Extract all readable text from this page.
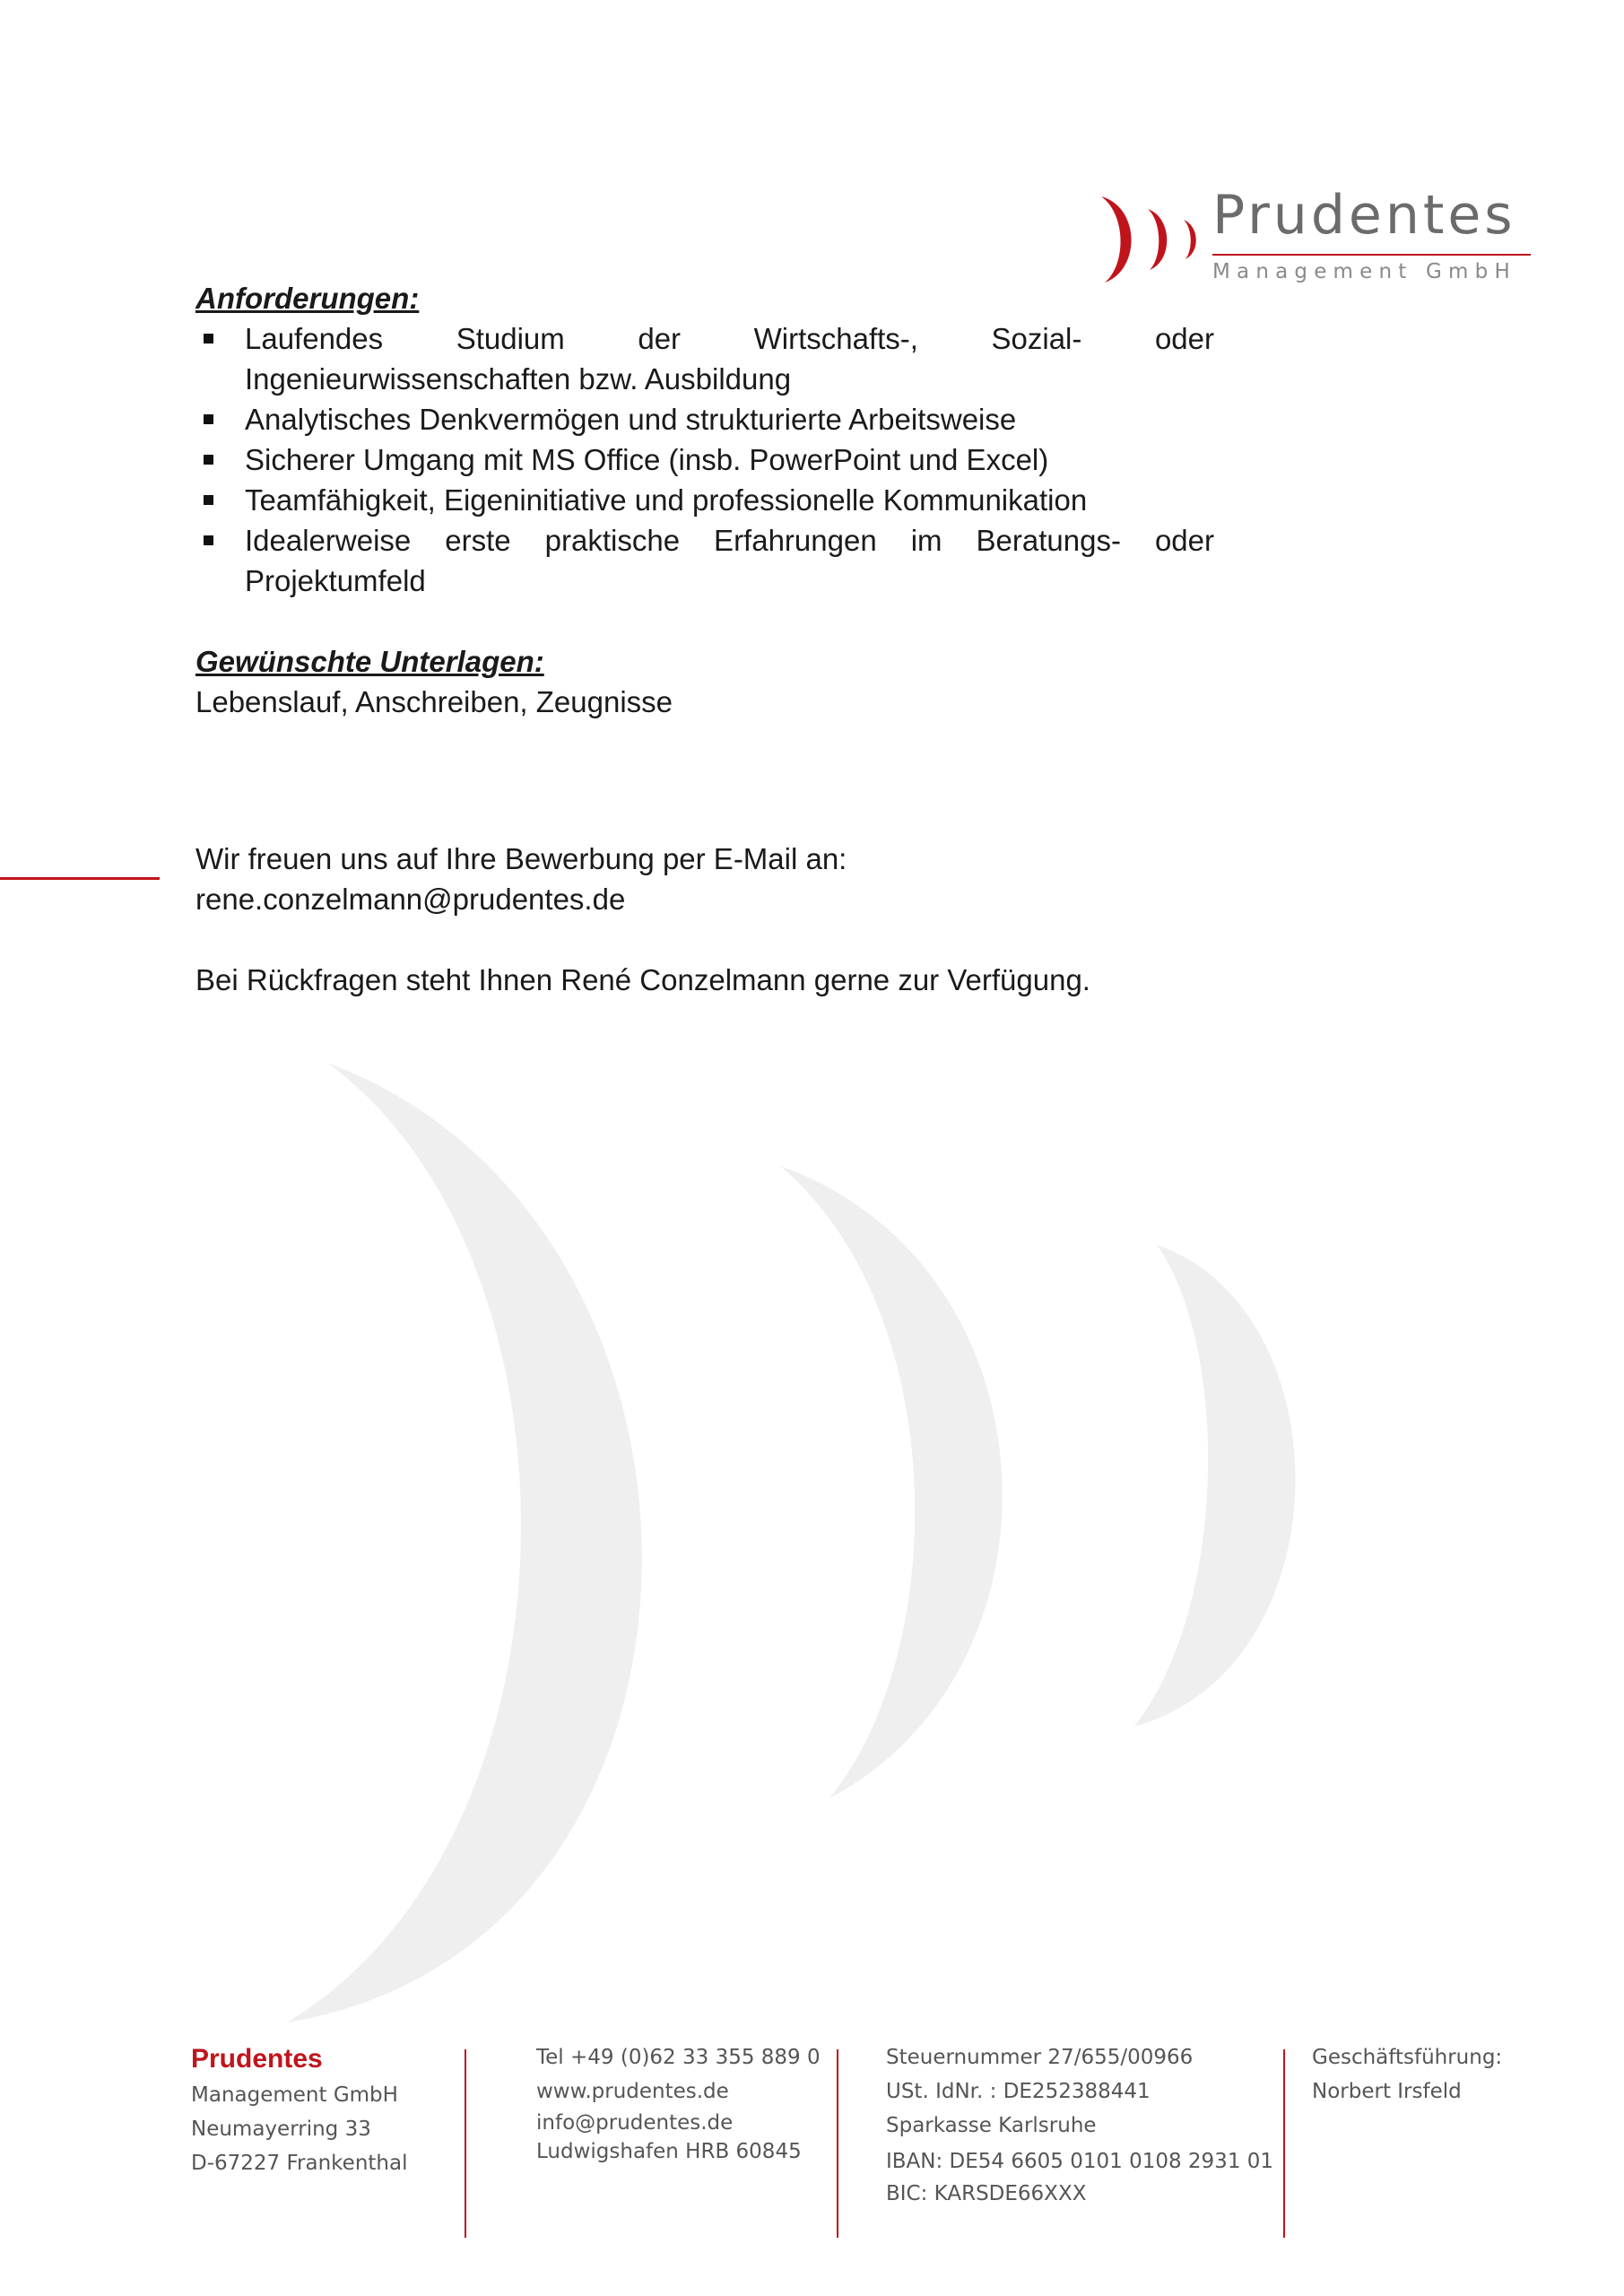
Prudentes
Management GmbH
Anforderungen:
Laufendes Studium der Wirtschafts-, Sozial- oder Ingenieurwissenschaften bzw. Ausbildung
Analytisches Denkvermögen und strukturierte Arbeitsweise
Sicherer Umgang mit MS Office (insb. PowerPoint und Excel)
Teamfähigkeit, Eigeninitiative und professionelle Kommunikation
Idealerweise erste praktische Erfahrungen im Beratungs- oder Projektumfeld
Gewünschte Unterlagen:

Lebenslauf, Anschreiben, Zeugnisse

Wir freuen uns auf Ihre Bewerbung per E-Mail an:

rene.conzelmann@prudentes.de

Bei Rückfragen steht Ihnen René Conzelmann gerne zur Verfügung.

Prudentes
Management GmbH
Neumayerring 33
D-67227 Frankenthal
Tel +49 (0)62 33 355 889 0
www.prudentes.de
info@prudentes.de
Ludwigshafen HRB 60845
Steuernummer 27/655/00966
USt. IdNr. : DE252388441
Sparkasse Karlsruhe
IBAN: DE54 6605 0101 0108 2931 01
BIC: KARSDE66XXX
Geschäftsführung:
Norbert Irsfeld
